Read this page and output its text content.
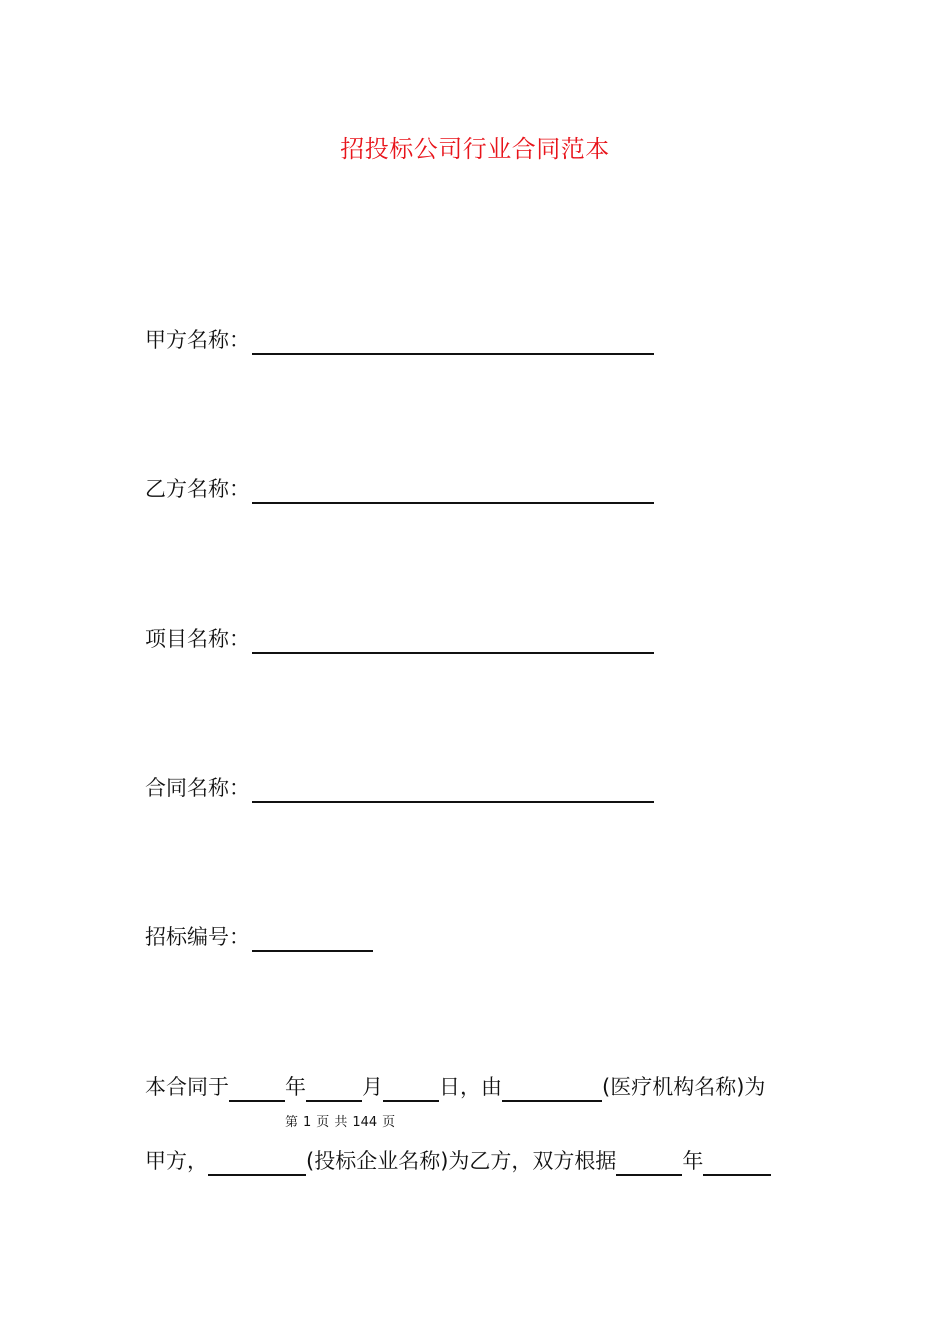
招投标公司行业合同范本
甲方名称：
乙方名称：
项目名称：
合同名称：
招标编号：
本合同于	年	月	日，由	(医疗机构名称)为
第 1 页 共 144 页
甲方，	(投标企业名称)为乙方，双方根据	年
